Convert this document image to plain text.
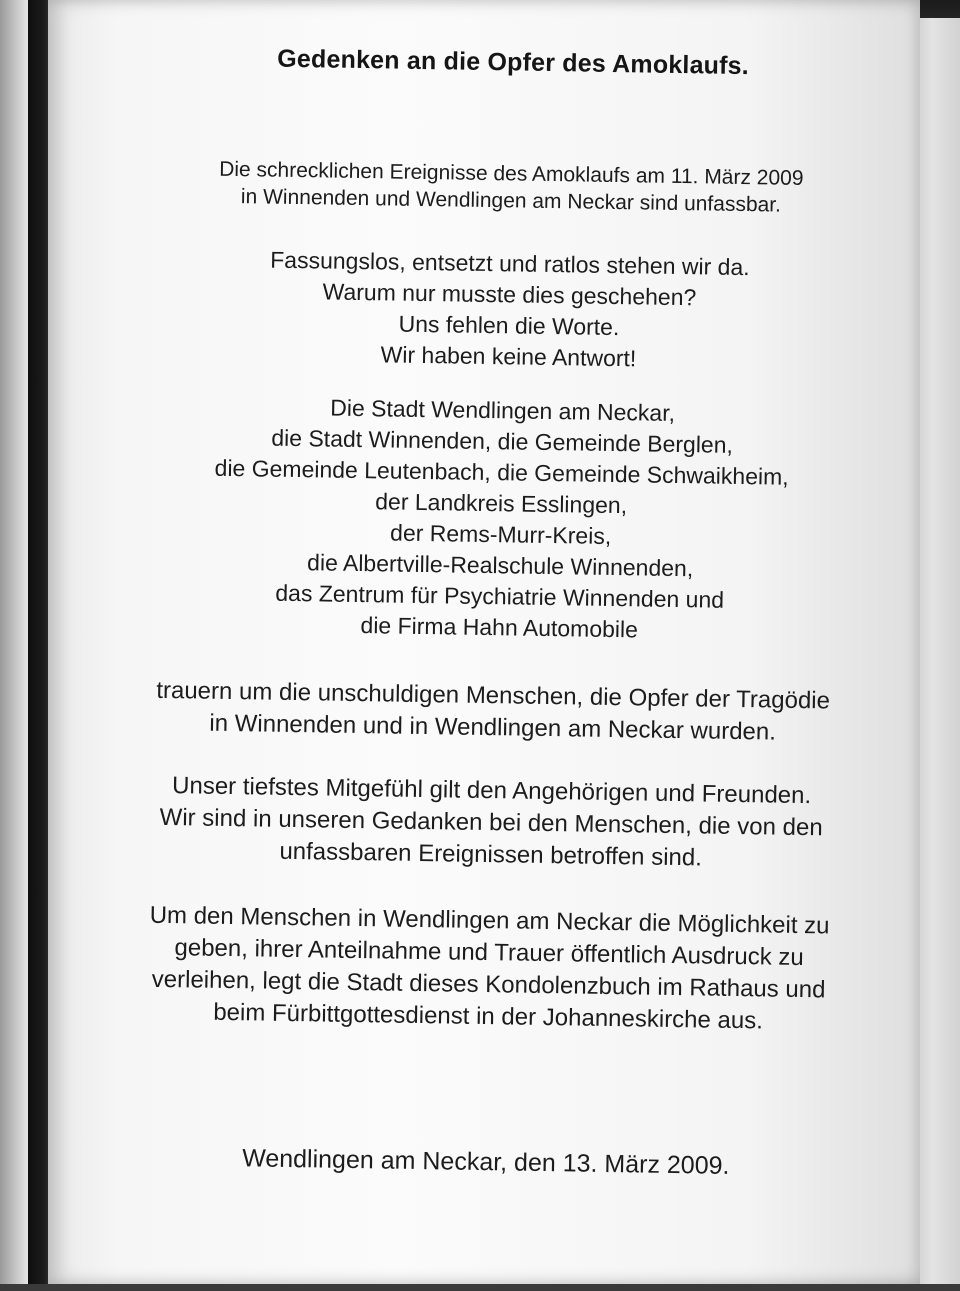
Gedenken an die Opfer des Amoklaufs.
Die schrecklichen Ereignisse des Amoklaufs am 11. März 2009
in Winnenden und Wendlingen am Neckar sind unfassbar.
Fassungslos, entsetzt und ratlos stehen wir da.
Warum nur musste dies geschehen?
Uns fehlen die Worte.
Wir haben keine Antwort!
Die Stadt Wendlingen am Neckar,
die Stadt Winnenden, die Gemeinde Berglen,
die Gemeinde Leutenbach, die Gemeinde Schwaikheim,
der Landkreis Esslingen,
der Rems-Murr-Kreis,
die Albertville-Realschule Winnenden,
das Zentrum für Psychiatrie Winnenden und
die Firma Hahn Automobile
trauern um die unschuldigen Menschen, die Opfer der Tragödie
in Winnenden und in Wendlingen am Neckar wurden.
Unser tiefstes Mitgefühl gilt den Angehörigen und Freunden.
Wir sind in unseren Gedanken bei den Menschen, die von den
unfassbaren Ereignissen betroffen sind.
Um den Menschen in Wendlingen am Neckar die Möglichkeit zu
geben, ihrer Anteilnahme und Trauer öffentlich Ausdruck zu
verleihen, legt die Stadt dieses Kondolenzbuch im Rathaus und
beim Fürbittgottesdienst in der Johanneskirche aus.
Wendlingen am Neckar, den 13. März 2009.
